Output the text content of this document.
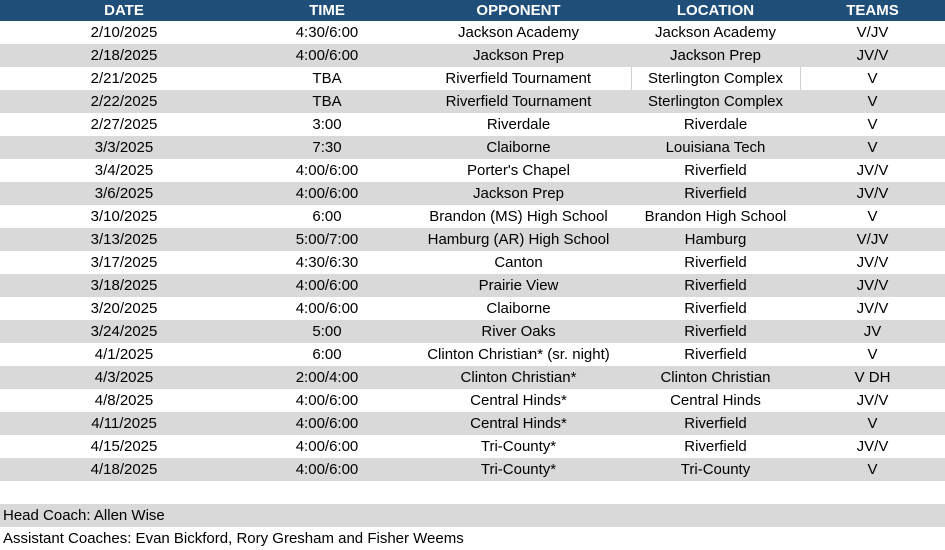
DATE	TIME	OPPONENT	LOCATION	TEAMS
2/10/2025	4:30/6:00	Jackson Academy	Jackson Academy	V/JV
2/18/2025	4:00/6:00	Jackson Prep	Jackson Prep	JV/V
2/21/2025	TBA	Riverfield Tournament	Sterlington Complex	V
2/22/2025	TBA	Riverfield Tournament	Sterlington Complex	V
2/27/2025	3:00	Riverdale	Riverdale	V
3/3/2025	7:30	Claiborne	Louisiana Tech	V
3/4/2025	4:00/6:00	Porter's Chapel	Riverfield	JV/V
3/6/2025	4:00/6:00	Jackson Prep	Riverfield	JV/V
3/10/2025	6:00	Brandon (MS) High School	Brandon High School	V
3/13/2025	5:00/7:00	Hamburg (AR) High School	Hamburg	V/JV
3/17/2025	4:30/6:30	Canton	Riverfield	JV/V
3/18/2025	4:00/6:00	Prairie View	Riverfield	JV/V
3/20/2025	4:00/6:00	Claiborne	Riverfield	JV/V
3/24/2025	5:00	River Oaks	Riverfield	JV
4/1/2025	6:00	Clinton Christian* (sr. night)	Riverfield	V
4/3/2025	2:00/4:00	Clinton Christian*	Clinton Christian	V DH
4/8/2025	4:00/6:00	Central Hinds*	Central Hinds	JV/V
4/11/2025	4:00/6:00	Central Hinds*	Riverfield	V
4/15/2025	4:00/6:00	Tri-County*	Riverfield	JV/V
4/18/2025	4:00/6:00	Tri-County*	Tri-County	V
Head Coach: Allen Wise
Assistant Coaches: Evan Bickford, Rory Gresham and Fisher Weems
